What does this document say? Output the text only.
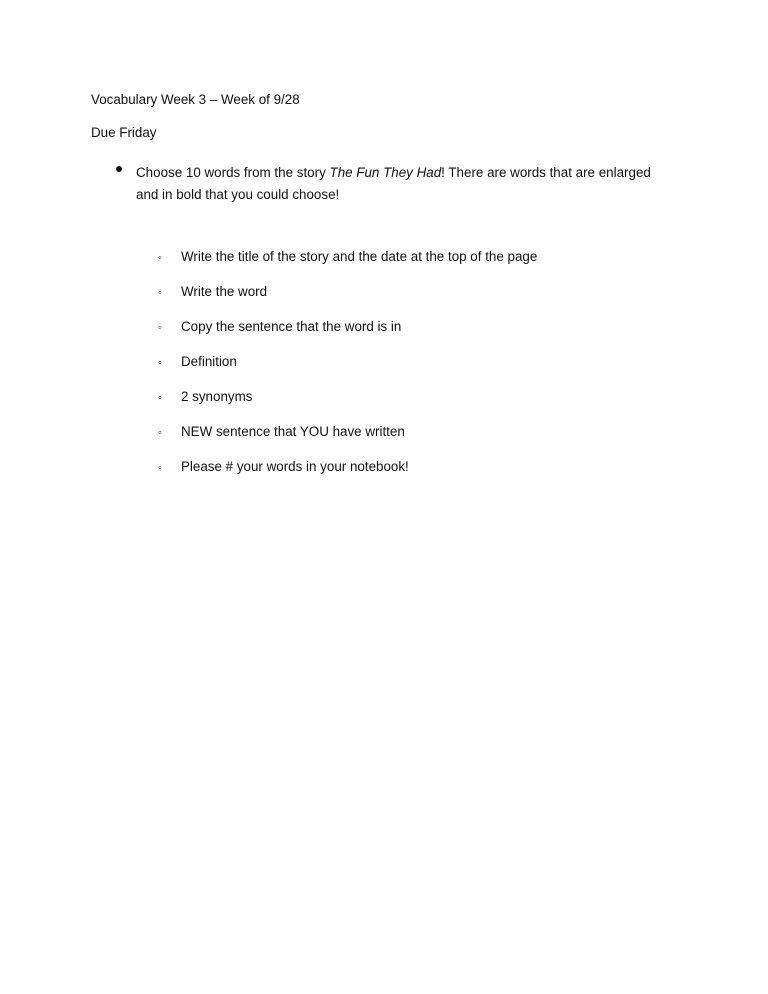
Vocabulary Week 3 – Week of 9/28
Due Friday
Choose 10 words from the story The Fun They Had! There are words that are enlarged and in bold that you could choose!
◦ Write the title of the story and the date at the top of the page
◦ Write the word
◦ Copy the sentence that the word is in
◦ Definition
◦ 2 synonyms
◦ NEW sentence that YOU have written
◦ Please # your words in your notebook!
